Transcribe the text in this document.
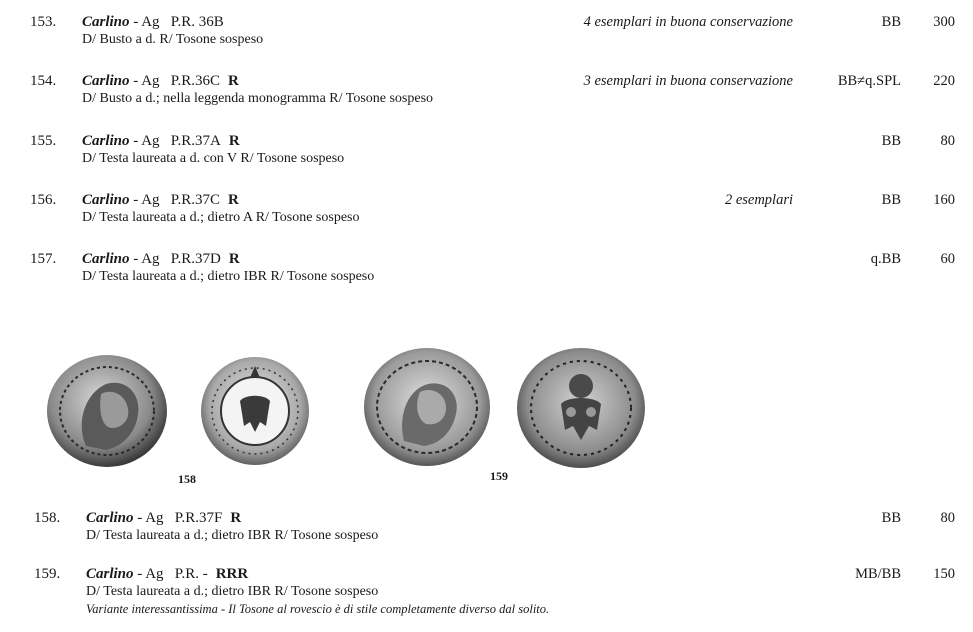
153. Carlino - Ag P.R. 36B
D/ Busto a d. R/ Tosone sospeso
4 esemplari in buona conservazione	BB 300
154. Carlino - Ag P.R.36C R
D/ Busto a d.; nella leggenda monogramma R/ Tosone sospeso
3 esemplari in buona conservazione	BB≠q.SPL 220
155. Carlino - Ag P.R.37A R
D/ Testa laureata a d. con V R/ Tosone sospeso
BB	80
156. Carlino - Ag P.R.37C R
D/ Testa laureata a d.; dietro A R/ Tosone sospeso
2 esemplari	BB 160
157. Carlino - Ag P.R.37D R
D/ Testa laureata a d.; dietro IBR R/ Tosone sospeso
q.BB	60
158	159
158. Carlino - Ag P.R.37F R
D/ Testa laureata a d.; dietro IBR R/ Tosone sospeso
BB	80
159. Carlino - Ag P.R. - RRR
D/ Testa laureata a d.; dietro IBR R/ Tosone sospeso
Variante interessantissima - Il Tosone al rovescio è di stile completamente diverso dal solito.
MB/BB 150
